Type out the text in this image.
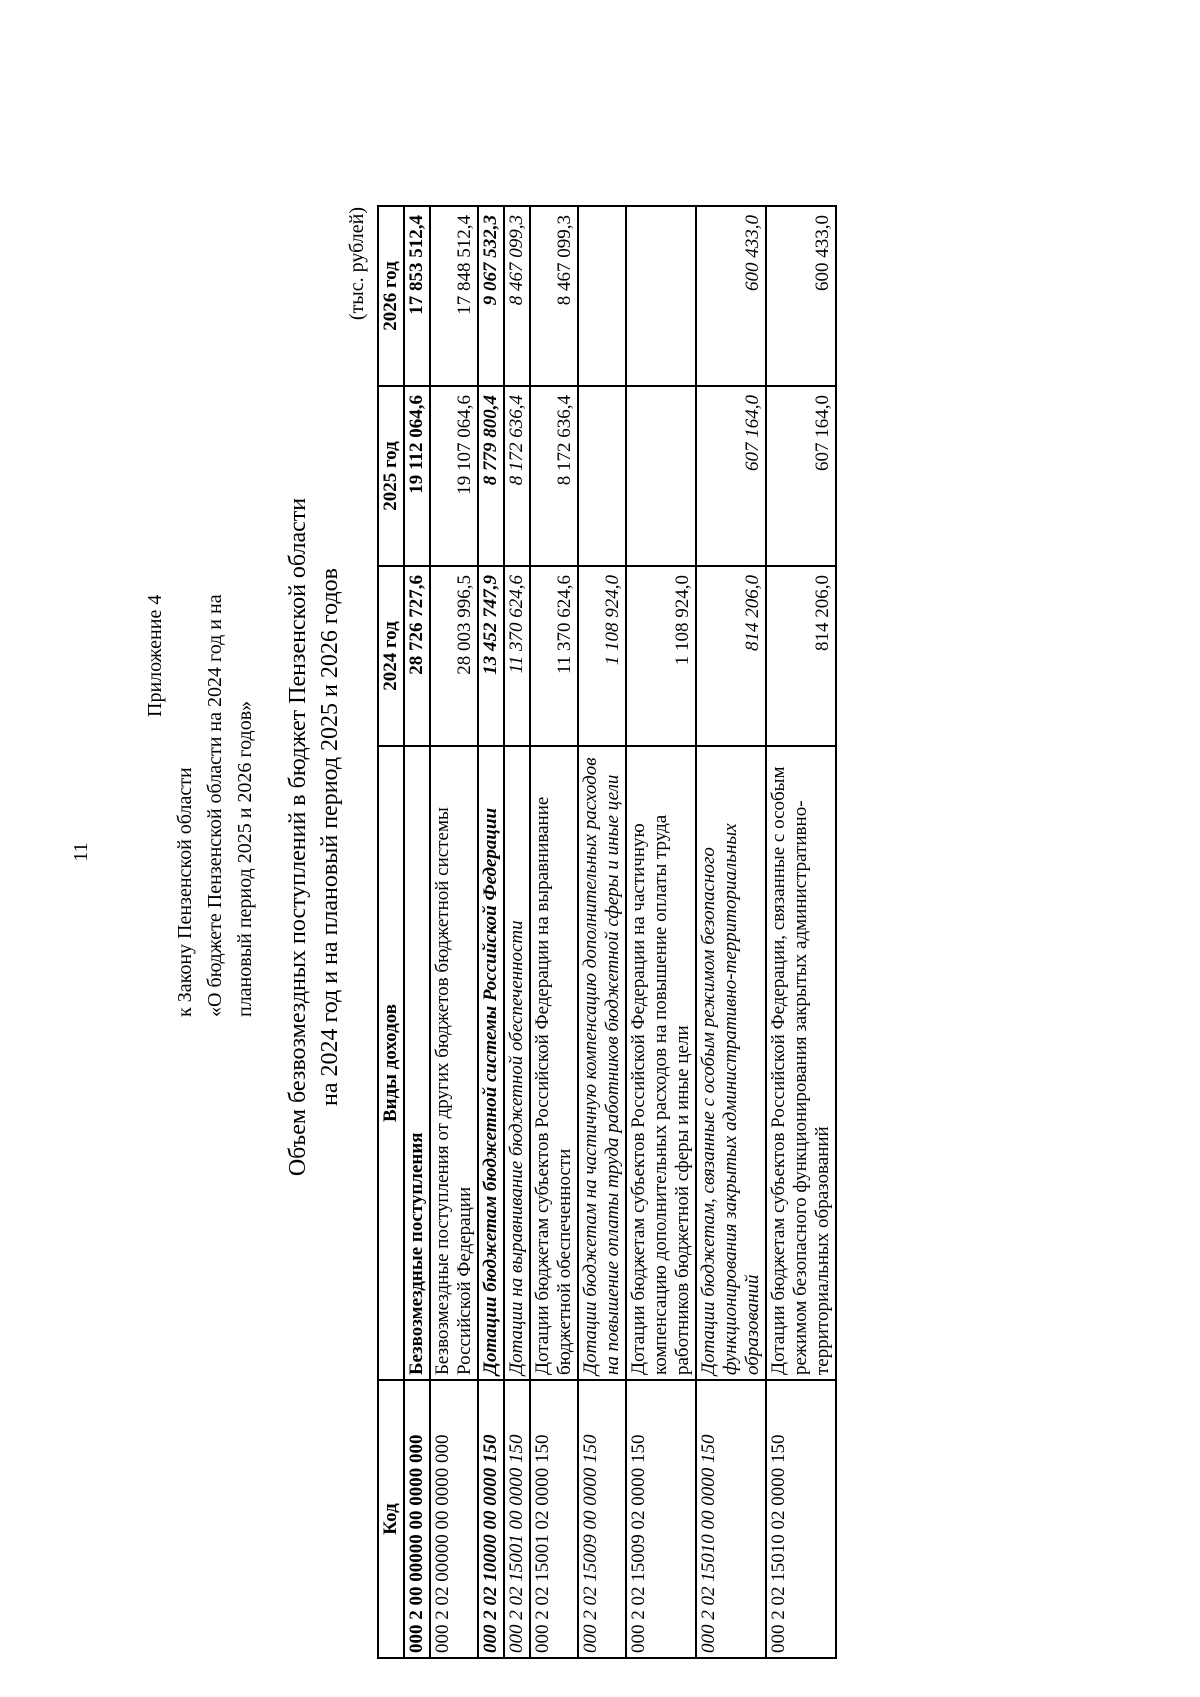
11
Приложение 4
к Закону Пензенской области «О бюджете Пензенской области на 2024 год и на плановый период 2025 и 2026 годов» Объем безвозмездных поступлений в бюджет Пензенской области на 2024 год и на плановый период 2025 и 2026 годов
(тыс. рублей)
Код	Виды доходов	2024 год	2025 год	2026 год
000 2 00 00000 00 0000 000	Безвозмездные поступления	28 726 727,6	19 112 064,6	17 853 512,4
000 2 02 00000 00 0000 000	Безвозмездные поступления от других бюджетов бюджетной системы Российской Федерации	28 003 996,5	19 107 064,6	17 848 512,4
000 2 02 10000 00 0000 150	Дотации бюджетам бюджетной системы Российской Федерации	13 452 747,9	8 779 800,4	9 067 532,3
000 2 02 15001 00 0000 150	Дотации на выравнивание бюджетной обеспеченности	11 370 624,6	8 172 636,4	8 467 099,3
000 2 02 15001 02 0000 150	Дотации бюджетам субъектов Российской Федерации на выравнивание бюджетной обеспеченности	11 370 624,6	8 172 636,4	8 467 099,3
000 2 02 15009 00 0000 150	Дотации бюджетам на частичную компенсацию дополнительных расходов на повышение оплаты труда работников бюджетной сферы и иные цели	1 108 924,0		
000 2 02 15009 02 0000 150	Дотации бюджетам субъектов Российской Федерации на частичную компенсацию дополнительных расходов на повышение оплаты труда работников бюджетной сферы и иные цели	1 108 924,0		
000 2 02 15010 00 0000 150	Дотации бюджетам, связанные с особым режимом безопасного функционирования закрытых административно-территориальных образований	814 206,0	607 164,0	600 433,0
000 2 02 15010 02 0000 150	Дотации бюджетам субъектов Российской Федерации, связанные с особым режимом безопасного функционирования закрытых административно-территориальных образований	814 206,0	607 164,0	600 433,0
